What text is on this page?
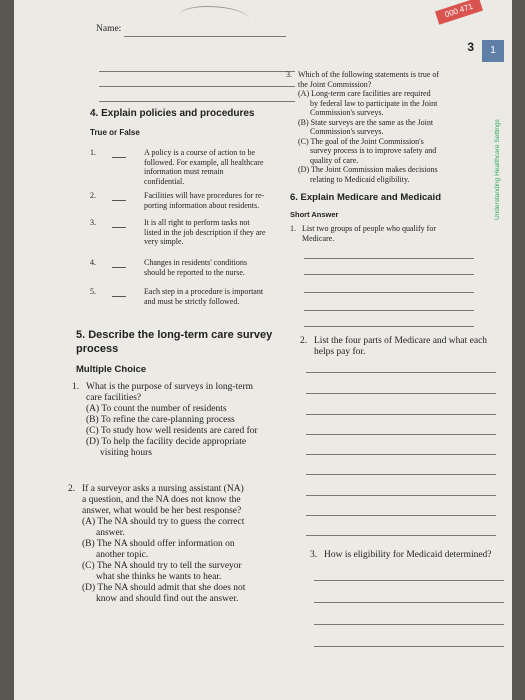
000 471
Name:
3	1
Understanding Healthcare Settings
3. Which of the following statements is true of
the Joint Commission?
(A) Long-term care facilities are required
by federal law to participate in the Joint
Commission's surveys.
(B) State surveys are the same as the Joint
Commission's surveys.
(C) The goal of the Joint Commission's
survey process is to improve safety and
quality of care.
(D) The Joint Commission makes decisions
relating to Medicaid eligibility.
4. Explain policies and procedures
True or False
1.	A policy is a course of action to be
followed. For example, all healthcare
information must remain
confidential.
2.	Facilities will have procedures for re-
porting information about residents.
3.	It is all right to perform tasks not
listed in the job description if they are
very simple.
4.	Changes in residents' conditions
should be reported to the nurse.
5.	Each step in a procedure is important
and must be strictly followed.
6. Explain Medicare and Medicaid
Short Answer
1. List two groups of people who qualify for
Medicare.
2. List the four parts of Medicare and what each
helps pay for.
3. How is eligibility for Medicaid determined?
5. Describe the long-term care survey
process
Multiple Choice
1. What is the purpose of surveys in long-term
care facilities?
(A) To count the number of residents
(B) To refine the care-planning process
(C) To study how well residents are cared for
(D) To help the facility decide appropriate
visiting hours
2. If a surveyor asks a nursing assistant (NA)
a question, and the NA does not know the
answer, what would be her best response?
(A) The NA should try to guess the correct
answer.
(B) The NA should offer information on
another topic.
(C) The NA should try to tell the surveyor
what she thinks he wants to hear.
(D) The NA should admit that she does not
know and should find out the answer.
